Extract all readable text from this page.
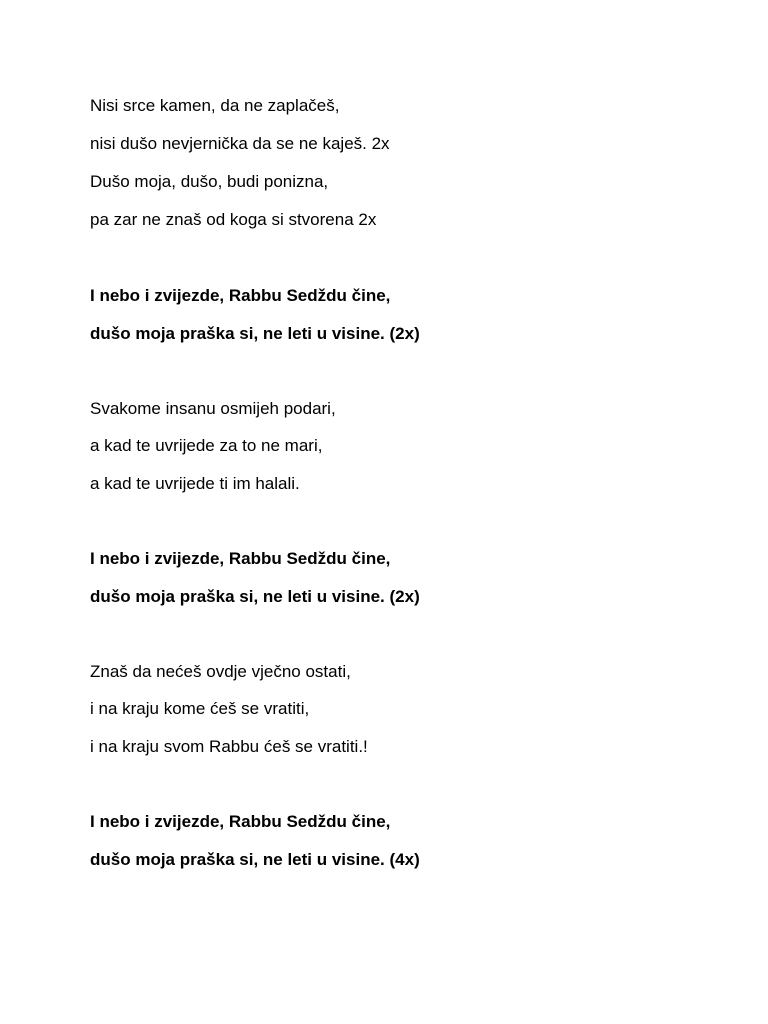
Nisi srce kamen, da ne zaplačeš,
nisi dušo nevjernička da se ne kaješ. 2x
Dušo moja, dušo, budi ponizna,
pa zar ne znaš od koga si stvorena 2x
I nebo i zvijezde, Rabbu Sedždu čine,
dušo moja praška si, ne leti u visine. (2x)
Svakome insanu osmijeh podari,
a kad te uvrijede za to ne mari,
a kad te uvrijede ti im halali.
I nebo i zvijezde, Rabbu Sedždu čine,
dušo moja praška si, ne leti u visine. (2x)
Znaš da nećeš ovdje vječno ostati,
i na kraju kome ćeš se vratiti,
i na kraju svom Rabbu ćeš se vratiti.!
I nebo i zvijezde, Rabbu Sedždu čine,
dušo moja praška si, ne leti u visine. (4x)
